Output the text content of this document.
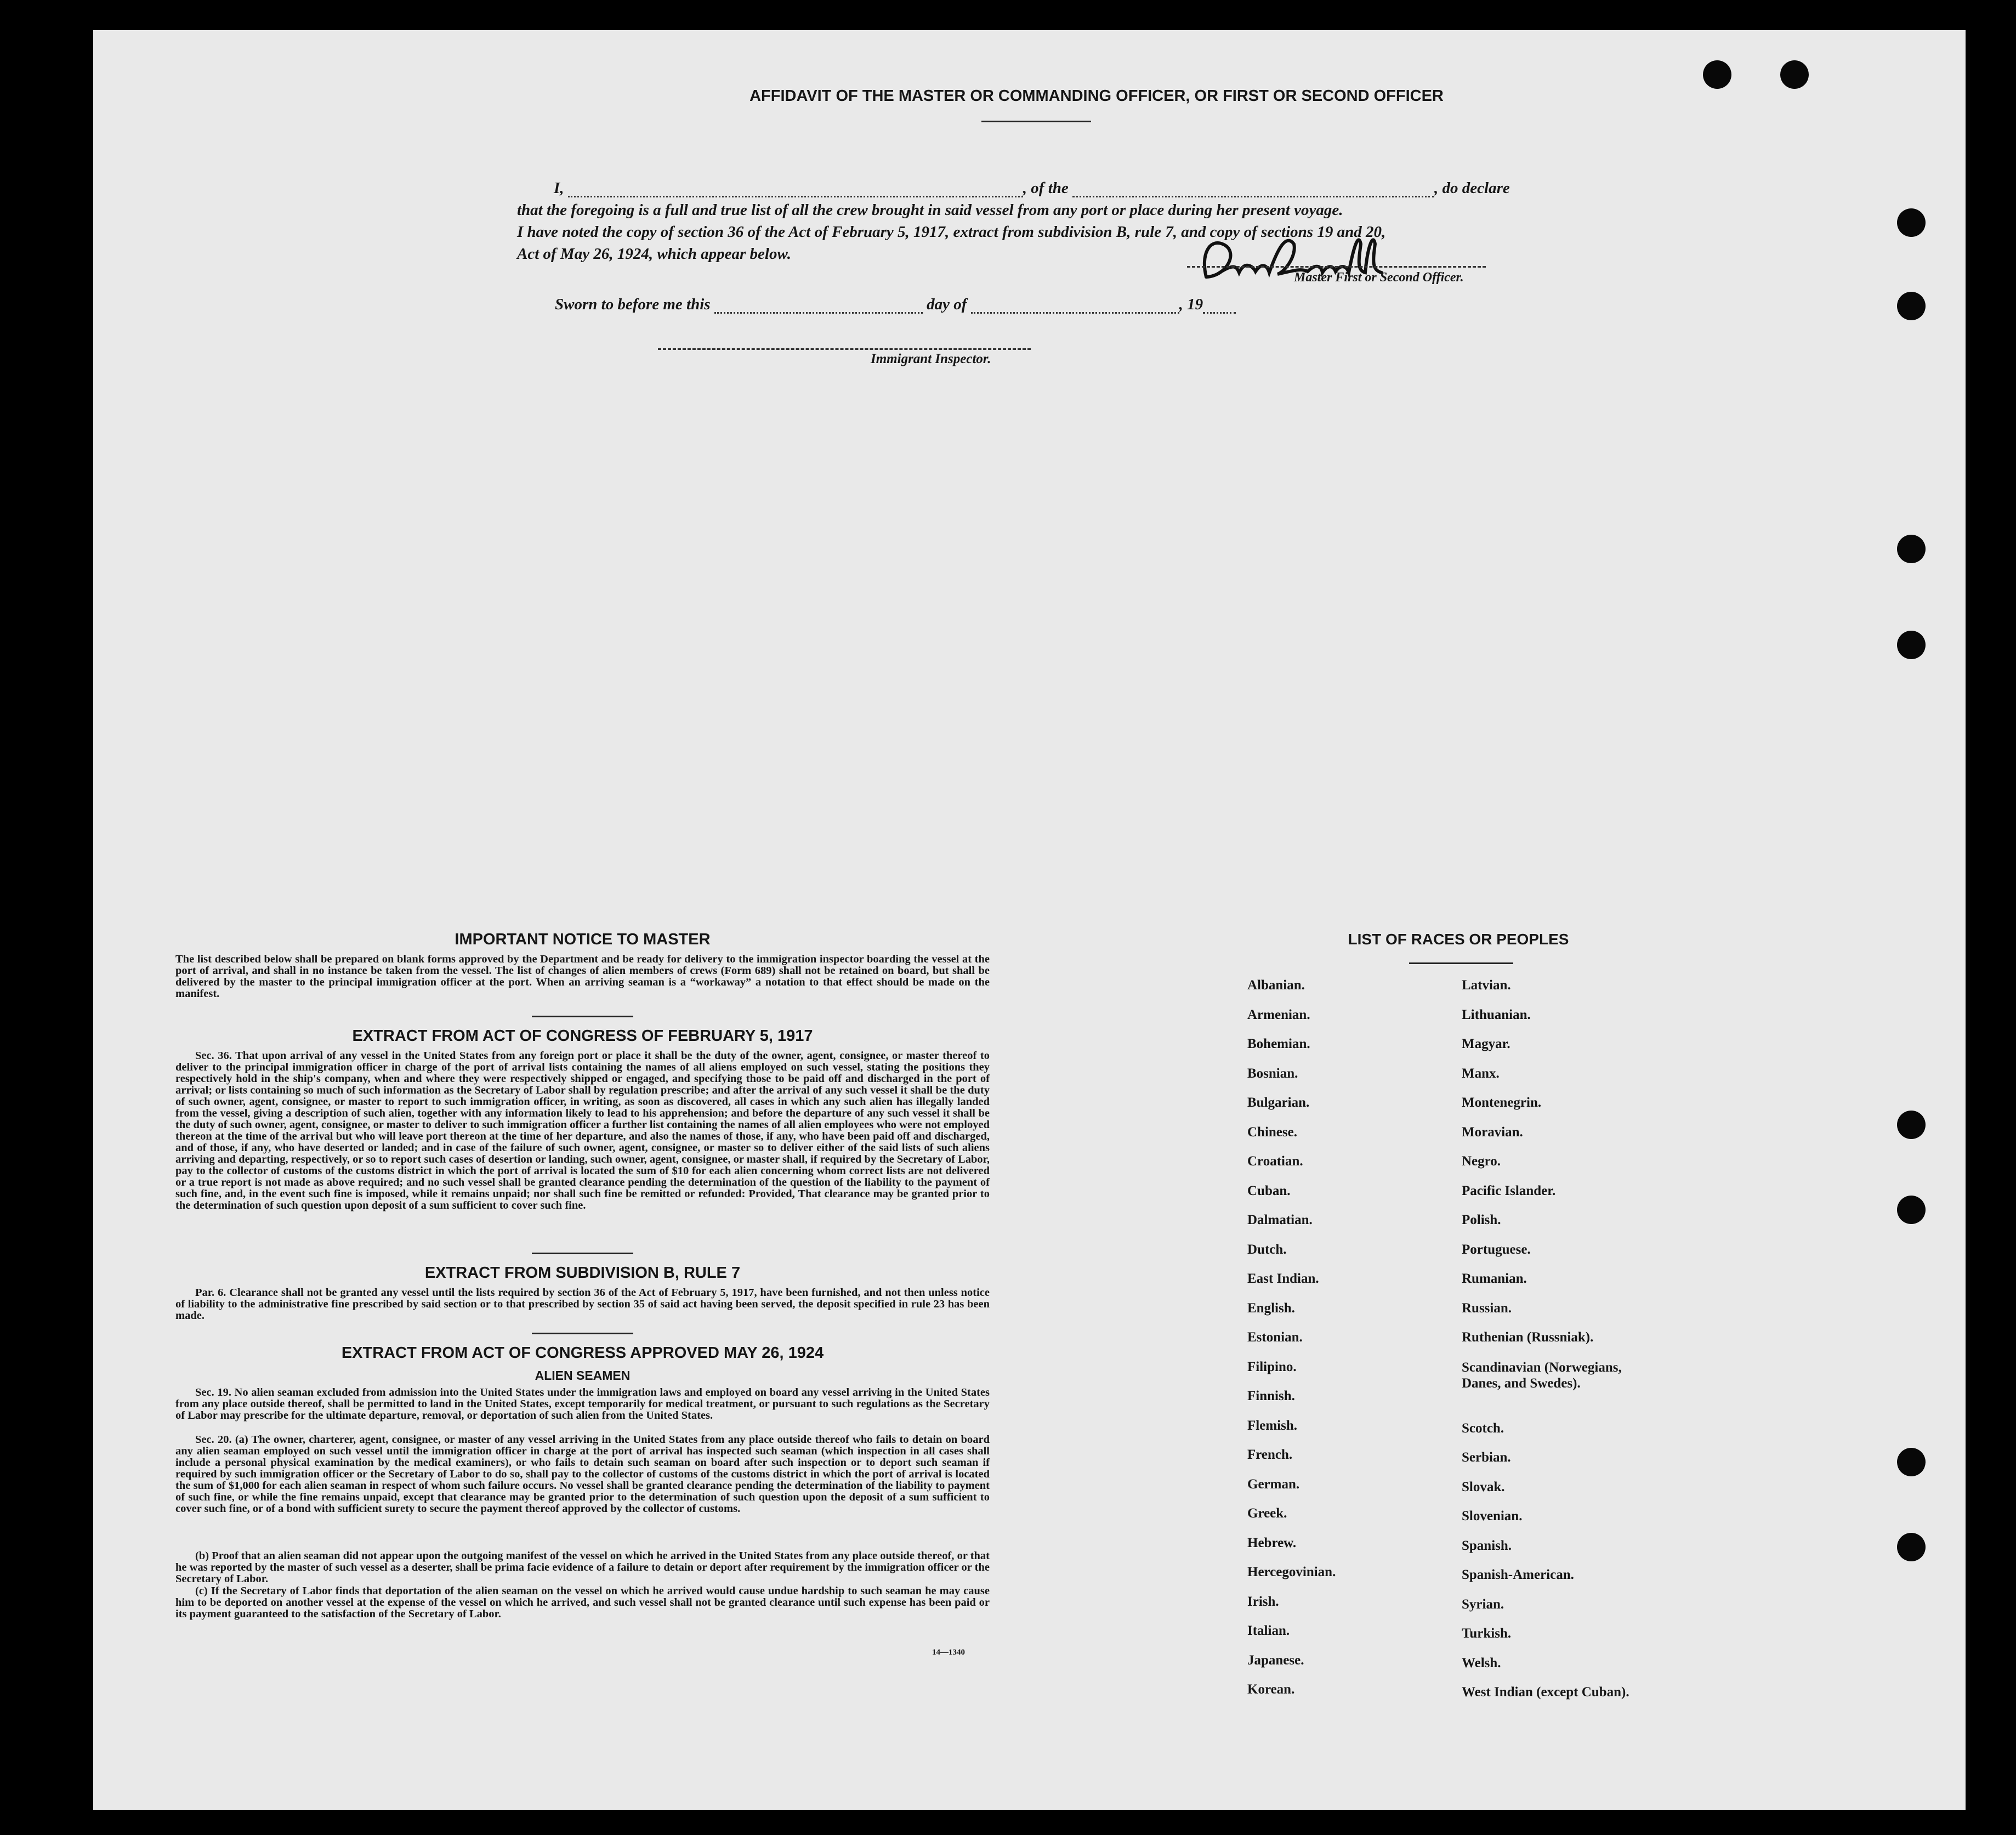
AFFIDAVIT OF THE MASTER OR COMMANDING OFFICER, OR FIRST OR SECOND OFFICER
I,	, of the	, do declare
that the foregoing is a full and true list of all the crew brought in said vessel from any port or place during her present voyage.
I have noted the copy of section 36 of the Act of February 5, 1917, extract from subdivision B, rule 7, and copy of sections 19 and 20,
Act of May 26, 1924, which appear below.
Master First or Second Officer.
Sworn to before me this	day of	, 19
Immigrant Inspector.
IMPORTANT NOTICE TO MASTER
The list described below shall be prepared on blank forms approved by the Department and be ready for delivery to the immigration inspector boarding the vessel at the port of arrival, and shall in no instance be taken from the vessel. The list of changes of alien members of crews (Form 689) shall not be retained on board, but shall be delivered by the master to the principal immigration officer at the port. When an arriving seaman is a “workaway” a notation to that effect should be made on the manifest.
EXTRACT FROM ACT OF CONGRESS OF FEBRUARY 5, 1917
Sec. 36. That upon arrival of any vessel in the United States from any foreign port or place it shall be the duty of the owner, agent, consignee, or master thereof to deliver to the principal immigration officer in charge of the port of arrival lists containing the names of all aliens employed on such vessel, stating the positions they respectively hold in the ship's company, when and where they were respectively shipped or engaged, and specifying those to be paid off and discharged in the port of arrival; or lists containing so much of such information as the Secretary of Labor shall by regulation prescribe; and after the arrival of any such vessel it shall be the duty of such owner, agent, consignee, or master to report to such immigration officer, in writing, as soon as discovered, all cases in which any such alien has illegally landed from the vessel, giving a description of such alien, together with any information likely to lead to his apprehension; and before the departure of any such vessel it shall be the duty of such owner, agent, consignee, or master to deliver to such immigration officer a further list containing the names of all alien employees who were not employed thereon at the time of the arrival but who will leave port thereon at the time of her departure, and also the names of those, if any, who have been paid off and discharged, and of those, if any, who have deserted or landed; and in case of the failure of such owner, agent, consignee, or master so to deliver either of the said lists of such aliens arriving and departing, respectively, or so to report such cases of desertion or landing, such owner, agent, consignee, or master shall, if required by the Secretary of Labor, pay to the collector of customs of the customs district in which the port of arrival is located the sum of $10 for each alien concerning whom correct lists are not delivered or a true report is not made as above required; and no such vessel shall be granted clearance pending the determination of the question of the liability to the payment of such fine, and, in the event such fine is imposed, while it remains unpaid; nor shall such fine be remitted or refunded: Provided, That clearance may be granted prior to the determination of such question upon deposit of a sum sufficient to cover such fine.
EXTRACT FROM SUBDIVISION B, RULE 7
Par. 6. Clearance shall not be granted any vessel until the lists required by section 36 of the Act of February 5, 1917, have been furnished, and not then unless notice of liability to the administrative fine prescribed by said section or to that prescribed by section 35 of said act having been served, the deposit specified in rule 23 has been made.
EXTRACT FROM ACT OF CONGRESS APPROVED MAY 26, 1924
ALIEN SEAMEN
Sec. 19. No alien seaman excluded from admission into the United States under the immigration laws and employed on board any vessel arriving in the United States from any place outside thereof, shall be permitted to land in the United States, except temporarily for medical treatment, or pursuant to such regulations as the Secretary of Labor may prescribe for the ultimate departure, removal, or deportation of such alien from the United States.
Sec. 20. (a) The owner, charterer, agent, consignee, or master of any vessel arriving in the United States from any place outside thereof who fails to detain on board any alien seaman employed on such vessel until the immigration officer in charge at the port of arrival has inspected such seaman (which inspection in all cases shall include a personal physical examination by the medical examiners), or who fails to detain such seaman on board after such inspection or to deport such seaman if required by such immigration officer or the Secretary of Labor to do so, shall pay to the collector of customs of the customs district in which the port of arrival is located the sum of $1,000 for each alien seaman in respect of whom such failure occurs. No vessel shall be granted clearance pending the determination of the liability to payment of such fine, or while the fine remains unpaid, except that clearance may be granted prior to the determination of such question upon the deposit of a sum sufficient to cover such fine, or of a bond with sufficient surety to secure the payment thereof approved by the collector of customs.
(b) Proof that an alien seaman did not appear upon the outgoing manifest of the vessel on which he arrived in the United States from any place outside thereof, or that he was reported by the master of such vessel as a deserter, shall be prima facie evidence of a failure to detain or deport after requirement by the immigration officer or the Secretary of Labor.
(c) If the Secretary of Labor finds that deportation of the alien seaman on the vessel on which he arrived would cause undue hardship to such seaman he may cause him to be deported on another vessel at the expense of the vessel on which he arrived, and such vessel shall not be granted clearance until such expense has been paid or its payment guaranteed to the satisfaction of the Secretary of Labor.
14—1340
LIST OF RACES OR PEOPLES
Albanian.
Armenian.
Bohemian.
Bosnian.
Bulgarian.
Chinese.
Croatian.
Cuban.
Dalmatian.
Dutch.
East Indian.
English.
Estonian.
Filipino.
Finnish.
Flemish.
French.
German.
Greek.
Hebrew.
Hercegovinian.
Irish.
Italian.
Japanese.
Korean.
Latvian.
Lithuanian.
Magyar.
Manx.
Montenegrin.
Moravian.
Negro.
Pacific Islander.
Polish.
Portuguese.
Rumanian.
Russian.
Ruthenian (Russniak).
Scandinavian (Norwegians, Danes, and Swedes).
Scotch.
Serbian.
Slovak.
Slovenian.
Spanish.
Spanish-American.
Syrian.
Turkish.
Welsh.
West Indian (except Cuban).
